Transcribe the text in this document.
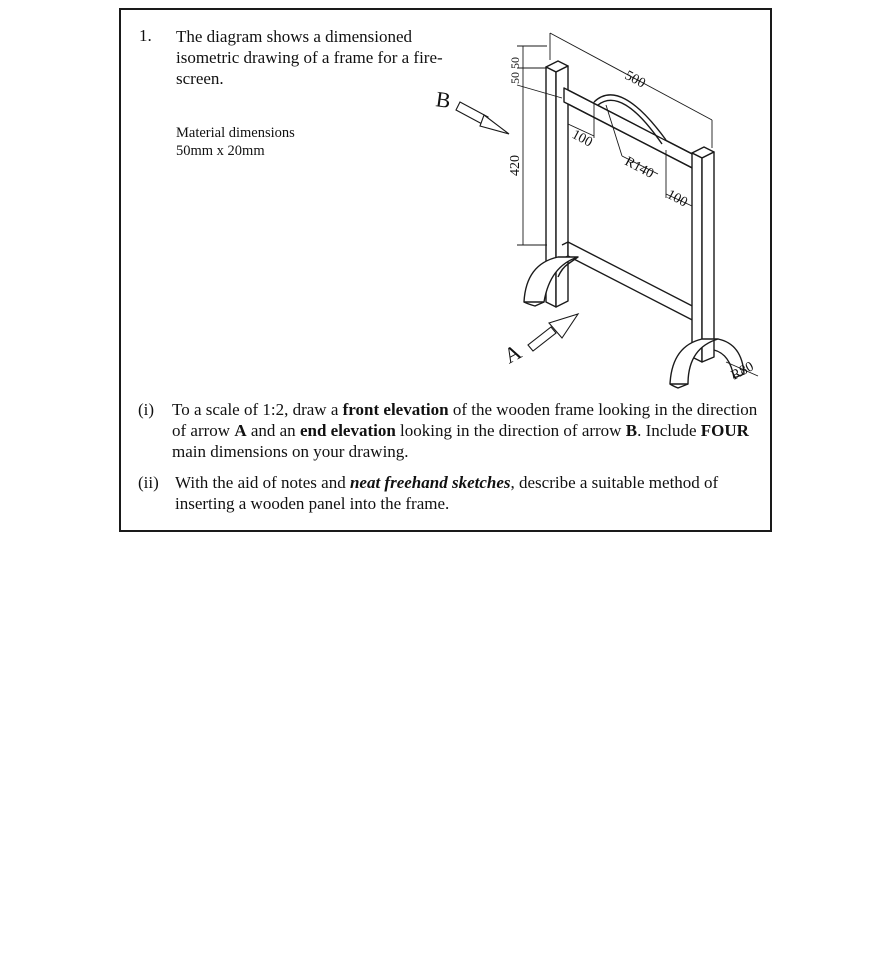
1. The diagram shows a dimensioned isometric drawing of a frame for a fire-screen.
Material dimensions
50mm x 20mm
500
100
R140
100
420
50 50
R80
B
A
(i) To a scale of 1:2, draw a front elevation of the wooden frame looking in the direction of arrow A and an end elevation looking in the direction of arrow B. Include FOUR main dimensions on your drawing.
(ii) With the aid of notes and neat freehand sketches, describe a suitable method of inserting a wooden panel into the frame.
